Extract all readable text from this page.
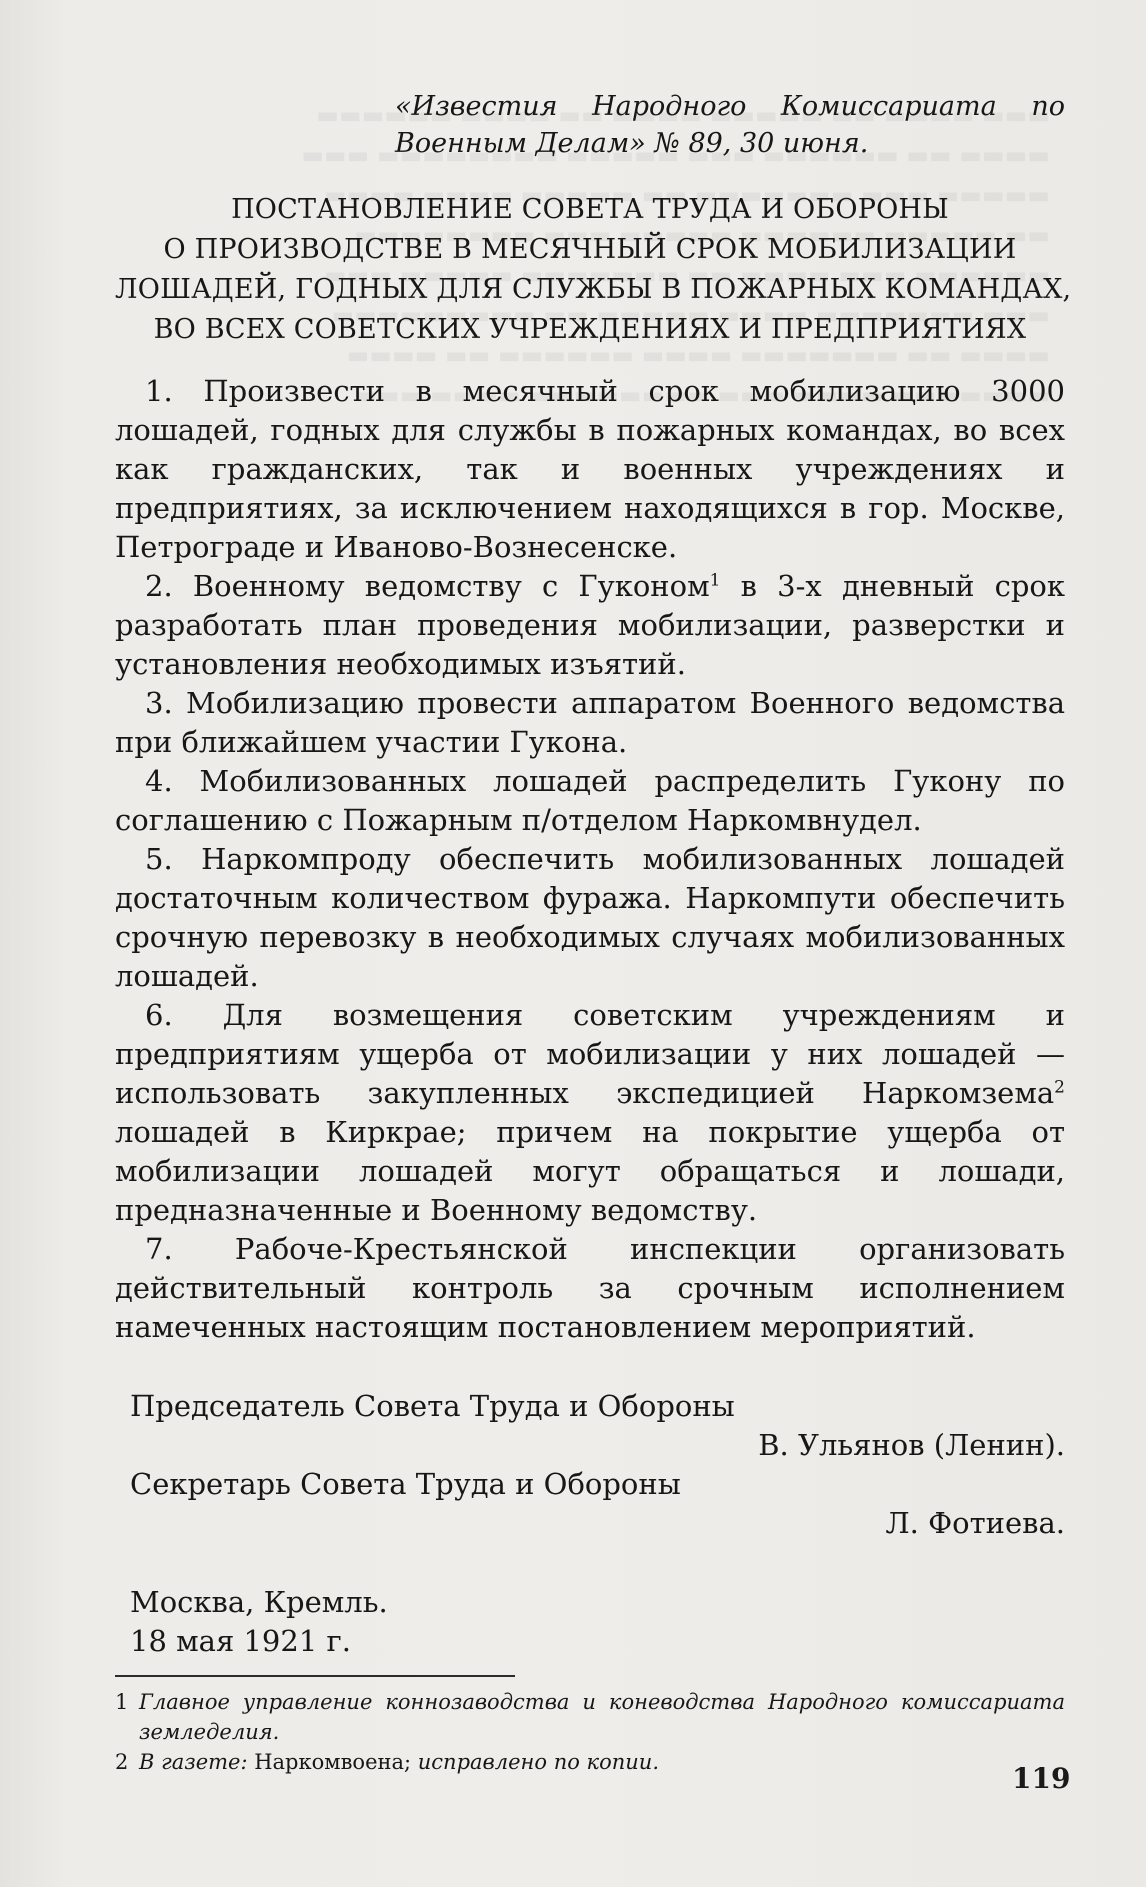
«Известия Народного Комиссариата по Военным Делам» № 89, 30 июня.
ПОСТАНОВЛЕНИЕ СОВЕТА ТРУДА И ОБОРОНЫ
О ПРОИЗВОДСТВЕ В МЕСЯЧНЫЙ СРОК МОБИЛИЗАЦИИ
ЛОШАДЕЙ, ГОДНЫХ ДЛЯ СЛУЖБЫ В ПОЖАРНЫХ КОМАНДАХ,
ВО ВСЕХ СОВЕТСКИХ УЧРЕЖДЕНИЯХ И ПРЕДПРИЯТИЯХ

1. Произвести в месячный срок мобилизацию 3000 лошадей, годных для службы в пожарных командах, во всех как гражданских, так и военных учреждениях и предприятиях, за исключением находящихся в гор. Москве, Петрограде и Иваново-Вознесенске.

2. Военному ведомству с Гуконом$^1$ в 3-х дневный срок разработать план проведения мобилизации, разверстки и установления необходимых изъятий.

3. Мобилизацию провести аппаратом Военного ведомства при ближайшем участии Гукона.

4. Мобилизованных лошадей распределить Гукону по соглашению с Пожарным п/отделом Наркомвнудел.

5. Наркомпроду обеспечить мобилизованных лошадей достаточным количеством фуража. Наркомпути обеспечить срочную перевозку в необходимых случаях мобилизованных лошадей.

6. Для возмещения советским учреждениям и предприятиям ущерба от мобилизации у них лошадей — использовать закупленных экспедицией Наркомзема$^2$ лошадей в Киркрае; причем на покрытие ущерба от мобилизации лошадей могут обращаться и лошади, предназначенные и Военному ведомству.

7. Рабоче-Крестьянской инспекции организовать действительный контроль за срочным исполнением намеченных настоящим постановлением мероприятий.

Председатель Совета Труда и Обороны
В. Ульянов (Ленин).
Секретарь Совета Труда и Обороны
Л. Фотиева.
Москва, Кремль.
18 мая 1921 г.
1 Главное управление коннозаводства и коневодства Народного комиссариата земледелия.
2 В газете: Наркомвоена; исправлено по копии.	119
